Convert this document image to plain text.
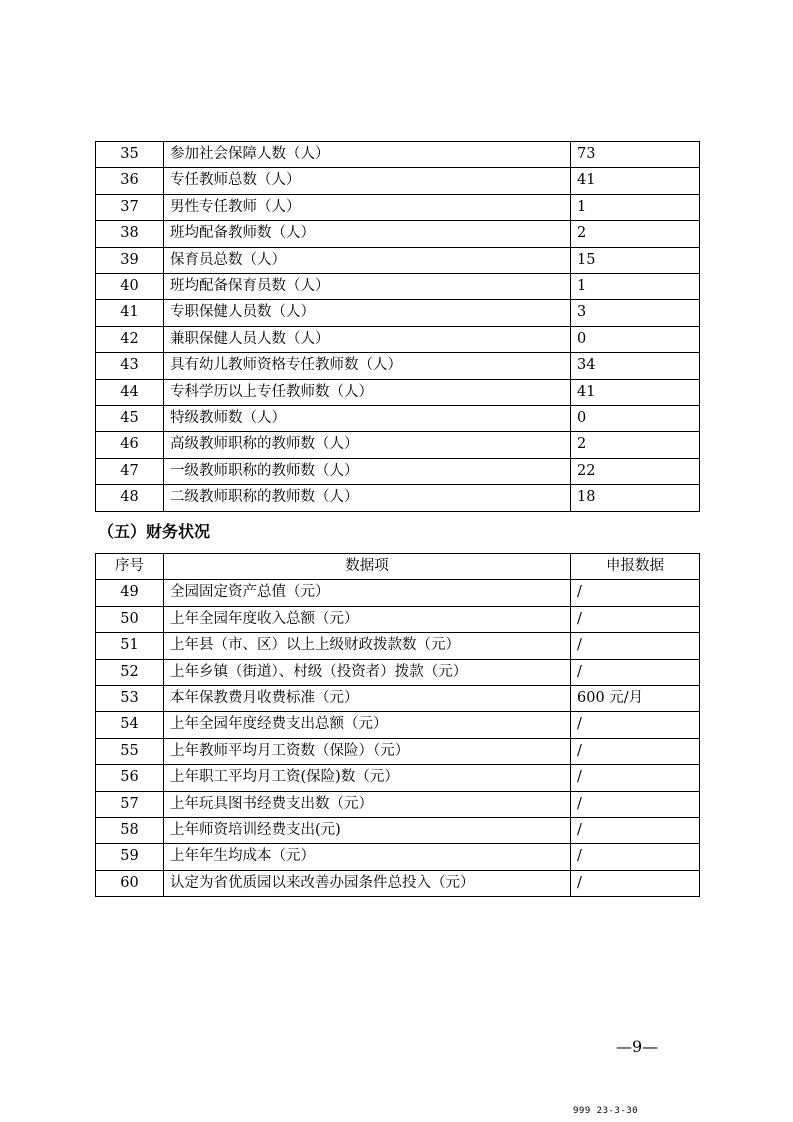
35	参加社会保障人数（人）	73
36	专任教师总数（人）	41
37	男性专任教师（人）	1
38	班均配备教师数（人）	2
39	保育员总数（人）	15
40	班均配备保育员数（人）	1
41	专职保健人员数（人）	3
42	兼职保健人员人数（人）	0
43	具有幼儿教师资格专任教师数（人）	34
44	专科学历以上专任教师数（人）	41
45	特级教师数（人）	0
46	高级教师职称的教师数（人）	2
47	一级教师职称的教师数（人）	22
48	二级教师职称的教师数（人）	18
（五）财务状况
序号	数据项	申报数据
49	全园固定资产总值（元）	/
50	上年全园年度收入总额（元）	/
51	上年县（市、区）以上上级财政拨款数（元）	/
52	上年乡镇（街道）、村级（投资者）拨款（元）	/
53	本年保教费月收费标准（元）	600 元/月
54	上年全园年度经费支出总额（元）	/
55	上年教师平均月工资数（保险）（元）	/
56	上年职工平均月工资(保险)数（元）	/
57	上年玩具图书经费支出数（元）	/
58	上年师资培训经费支出(元)	/
59	上年年生均成本（元）	/
60	认定为省优质园以来改善办园条件总投入（元）	/
—9—
999 23-3-30
